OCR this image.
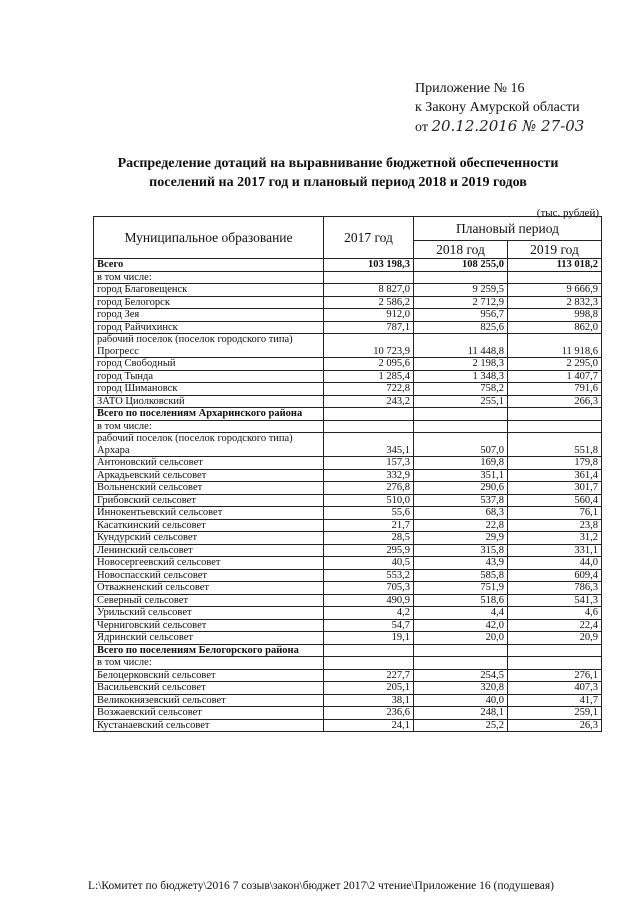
Приложение № 16
к Закону Амурской области
от 20.12.2016 № 27-03
Распределение дотаций на выравнивание бюджетной обеспеченности
поселений на 2017 год и плановый период 2018 и 2019 годов
(тыс. рублей)
Муниципальное образование	2017 год	Плановый период	
		2018 год	2019 год
Всего	103 198,3	108 255,0	113 018,2
в том числе:			
город Благовещенск	8 827,0	9 259,5	9 666,9
город Белогорск	2 586,2	2 712,9	2 832,3
город Зея	912,0	956,7	998,8
город Райчихинск	787,1	825,6	862,0
рабочий поселок (поселок городского типа) Прогресс	10 723,9	11 448,8	11 918,6
город Свободный	2 095,6	2 198,3	2 295,0
город Тында	1 285,4	1 348,3	1 407,7
город Шимановск	722,8	758,2	791,6
ЗАТО Циолковский	243,2	255,1	266,3
Всего по поселениям Архаринского района			
в том числе:			
рабочий поселок (поселок городского типа) Архара	345,1	507,0	551,8
Антоновский сельсовет	157,3	169,8	179,8
Аркадьевский сельсовет	332,9	351,1	361,4
Вольненский сельсовет	276,8	290,6	301,7
Грибовский сельсовет	510,0	537,8	560,4
Иннокентьевский сельсовет	55,6	68,3	76,1
Касаткинский сельсовет	21,7	22,8	23,8
Кундурский сельсовет	28,5	29,9	31,2
Ленинский сельсовет	295,9	315,8	331,1
Новосергеевский сельсовет	40,5	43,9	44,0
Новоспасский сельсовет	553,2	585,8	609,4
Отважненский сельсовет	705,3	751,9	786,3
Северный сельсовет	490,9	518,6	541,3
Урильский сельсовет	4,2	4,4	4,6
Черниговский сельсовет	54,7	42,0	22,4
Ядринский сельсовет	19,1	20,0	20,9
Всего по поселениям Белогорского района			
в том числе:			
Белоцерковский сельсовет	227,7	254,5	276,1
Васильевский сельсовет	205,1	320,8	407,3
Великокнязевский сельсовет	38,1	40,0	41,7
Возжаевский сельсовет	236,6	248,1	259,1
Кустанаевский сельсовет	24,1	25,2	26,3
L:\Комитет по бюджету\2016 7 созыв\закон\бюджет 2017\2 чтение\Приложение 16 (подушевая)
